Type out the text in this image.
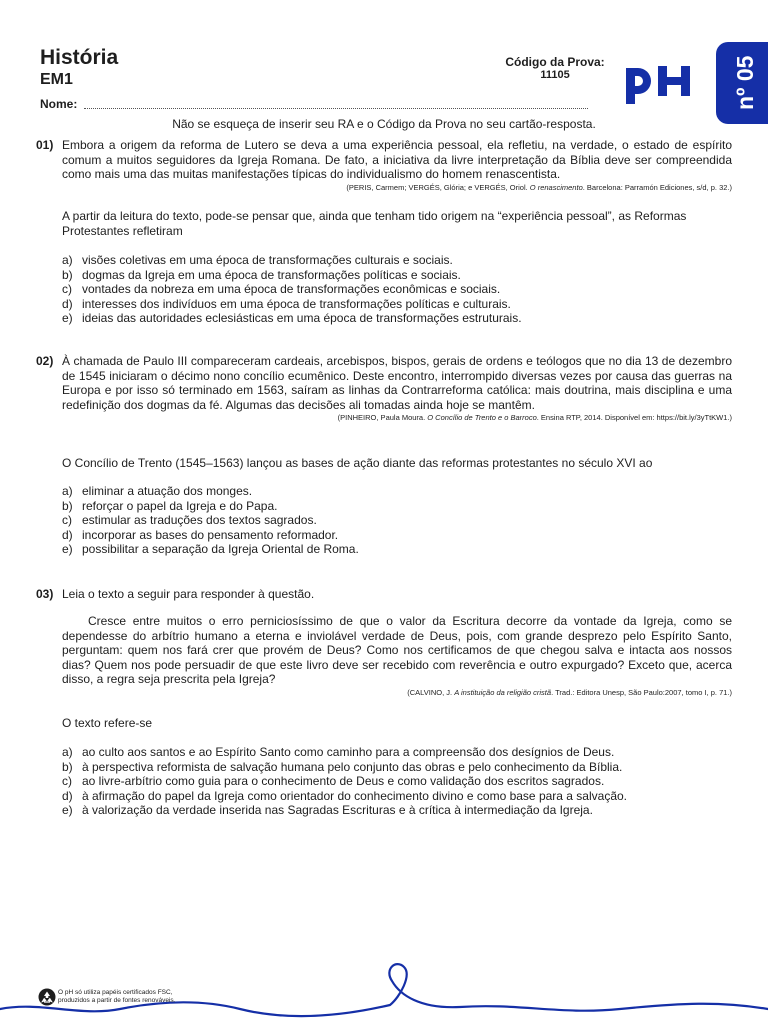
História
EM1
Nome:
Código da Prova:
11105	nº 05
Não se esqueça de inserir seu RA e o Código da Prova no seu cartão-resposta.
01) Embora a origem da reforma de Lutero se deva a uma experiência pessoal, ela refletiu, na verdade, o estado de espírito comum a muitos seguidores da Igreja Romana. De fato, a iniciativa da livre interpretação da Bíblia deve ser compreendida como mais uma das muitas manifestações típicas do individualismo do homem renascentista.

(PERIS, Carmem; VERGÉS, Glória; e VERGÉS, Oriol. O renascimento. Barcelona: Parramón Ediciones, s/d, p. 32.)

A partir da leitura do texto, pode-se pensar que, ainda que tenham tido origem na “experiência pessoal”, as Reformas Protestantes refletiram

a) visões coletivas em uma época de transformações culturais e sociais.
b) dogmas da Igreja em uma época de transformações políticas e sociais.
c) vontades da nobreza em uma época de transformações econômicas e sociais.
d) interesses dos indivíduos em uma época de transformações políticas e culturais.
e) ideias das autoridades eclesiásticas em uma época de transformações estruturais.
02) À chamada de Paulo III compareceram cardeais, arcebispos, bispos, gerais de ordens e teólogos que no dia 13 de dezembro de 1545 iniciaram o décimo nono concílio ecumênico. Deste encontro, interrompido diversas vezes por causa das guerras na Europa e por isso só terminado em 1563, saíram as linhas da Contrarreforma católica: mais doutrina, mais disciplina e uma redefinição dos dogmas da fé. Algumas das decisões ali tomadas ainda hoje se mantêm.

(PINHEIRO, Paula Moura. O Concílio de Trento e o Barroco. Ensina RTP, 2014. Disponível em: https://bit.ly/3yTtKW1.)

O Concílio de Trento (1545–1563) lançou as bases de ação diante das reformas protestantes no século XVI ao

a) eliminar a atuação dos monges.
b) reforçar o papel da Igreja e do Papa.
c) estimular as traduções dos textos sagrados.
d) incorporar as bases do pensamento reformador.
e) possibilitar a separação da Igreja Oriental de Roma.
03) Leia o texto a seguir para responder à questão.

Cresce entre muitos o erro perniciosíssimo de que o valor da Escritura decorre da vontade da Igreja, como se dependesse do arbítrio humano a eterna e inviolável verdade de Deus, pois, com grande desprezo pelo Espírito Santo, perguntam: quem nos fará crer que provém de Deus? Como nos certificamos de que chegou salva e intacta aos nossos dias? Quem nos pode persuadir de que este livro deve ser recebido com reverência e outro expurgado? Exceto que, acerca disso, a regra seja prescrita pela Igreja?

(CALVINO, J. A instituição da religião cristã. Trad.: Editora Unesp, São Paulo:2007, tomo I, p. 71.)

O texto refere-se

a) ao culto aos santos e ao Espírito Santo como caminho para a compreensão dos desígnios de Deus.
b) à perspectiva reformista de salvação humana pelo conjunto das obras e pelo conhecimento da Bíblia.
c) ao livre-arbítrio como guia para o conhecimento de Deus e como validação dos escritos sagrados.
d) à afirmação do papel da Igreja como orientador do conhecimento divino e como base para a salvação.
e) à valorização da verdade inserida nas Sagradas Escrituras e à crítica à intermediação da Igreja.
O pH só utiliza papéis certificados FSC,
produzidos a partir de fontes renováveis.
